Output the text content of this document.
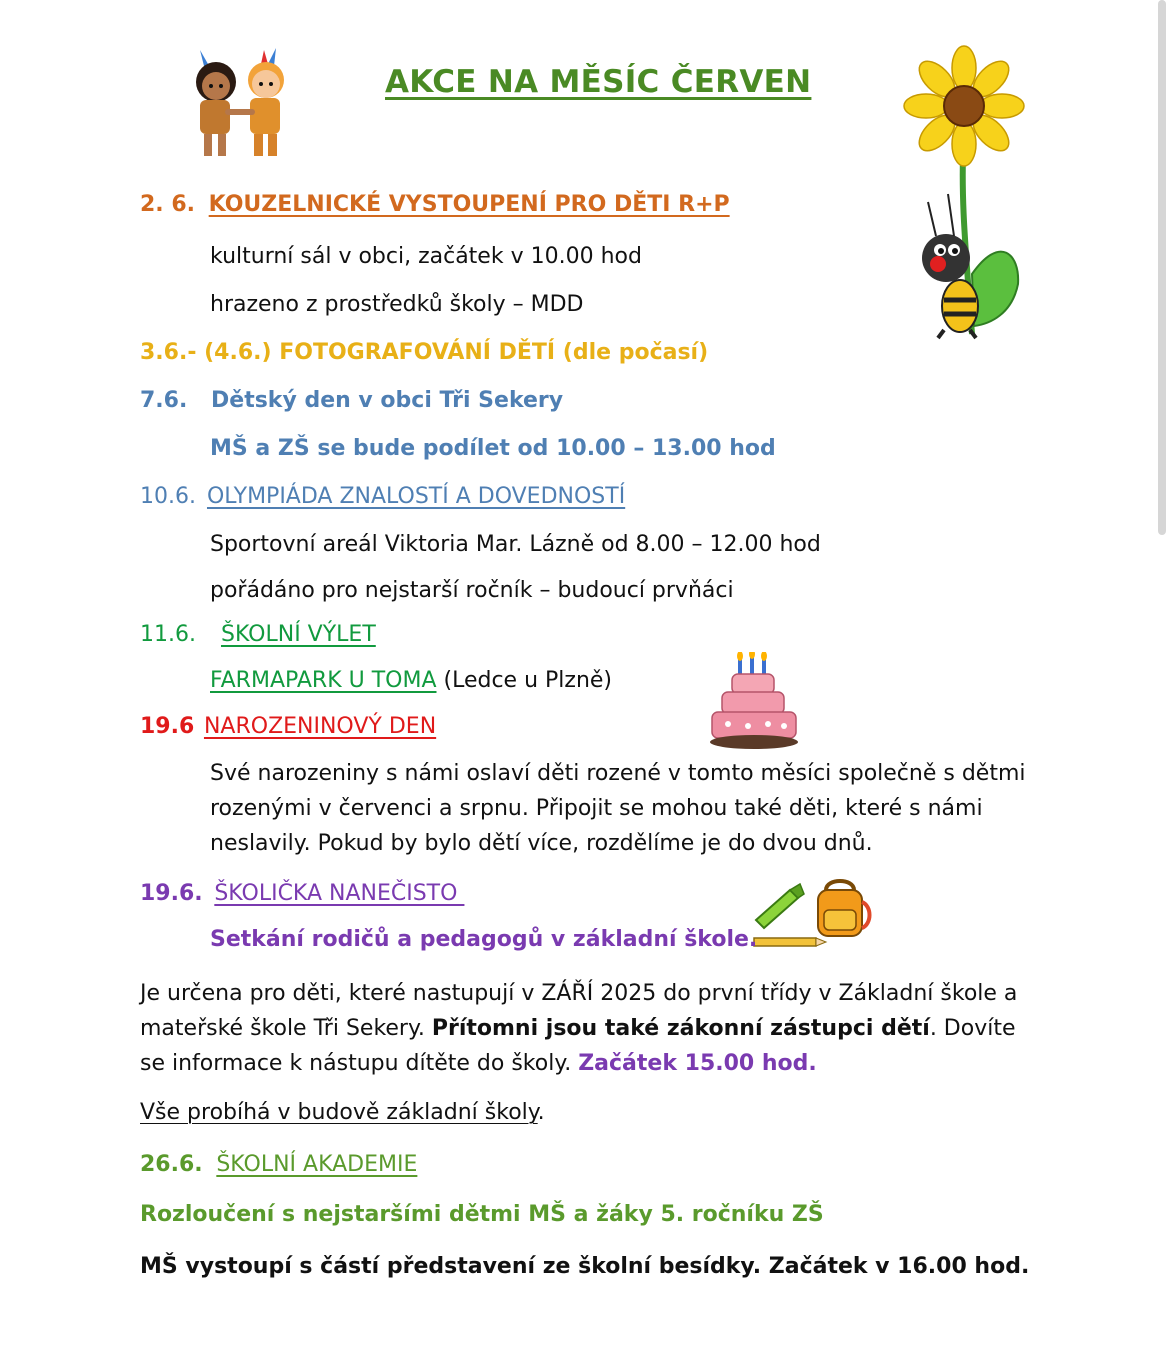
AKCE NA MĚSÍC ČERVEN
2. 6. KOUZELNICKÉ VYSTOUPENÍ PRO DĚTI R+P
kulturní sál v obci, začátek v 10.00 hod
hrazeno z prostředků školy – MDD
3.6.- (4.6.) FOTOGRAFOVÁNÍ DĚTÍ (dle počasí)
7.6. Dětský den v obci Tři Sekery
MŠ a ZŠ se bude podílet od 10.00 – 13.00 hod
10.6. OLYMPIÁDA ZNALOSTÍ A DOVEDNOSTÍ
Sportovní areál Viktoria Mar. Lázně od 8.00 – 12.00 hod
pořádáno pro nejstarší ročník – budoucí prvňáci
11.6. ŠKOLNÍ VÝLET
FARMAPARK U TOMA (Ledce u Plzně)
19.6 NAROZENINOVÝ DEN
Své narozeniny s námi oslaví děti rozené v tomto měsíci společně s dětmi rozenými v červenci a srpnu. Připojit se mohou také děti, které s námi neslavily. Pokud by bylo dětí více, rozdělíme je do dvou dnů.
19.6. ŠKOLIČKA NANEČISTO
Setkání rodičů a pedagogů v základní škole.
Je určena pro děti, které nastupují v ZÁŘÍ 2025 do první třídy v Základní škole a mateřské škole Tři Sekery. Přítomni jsou také zákonní zástupci dětí. Dovíte se informace k nástupu dítěte do školy. Začátek 15.00 hod.
Vše probíhá v budově základní školy.
26.6. ŠKOLNÍ AKADEMIE
Rozloučení s nejstaršími dětmi MŠ a žáky 5. ročníku ZŠ
MŠ vystoupí s částí představení ze školní besídky. Začátek v 16.00 hod.
